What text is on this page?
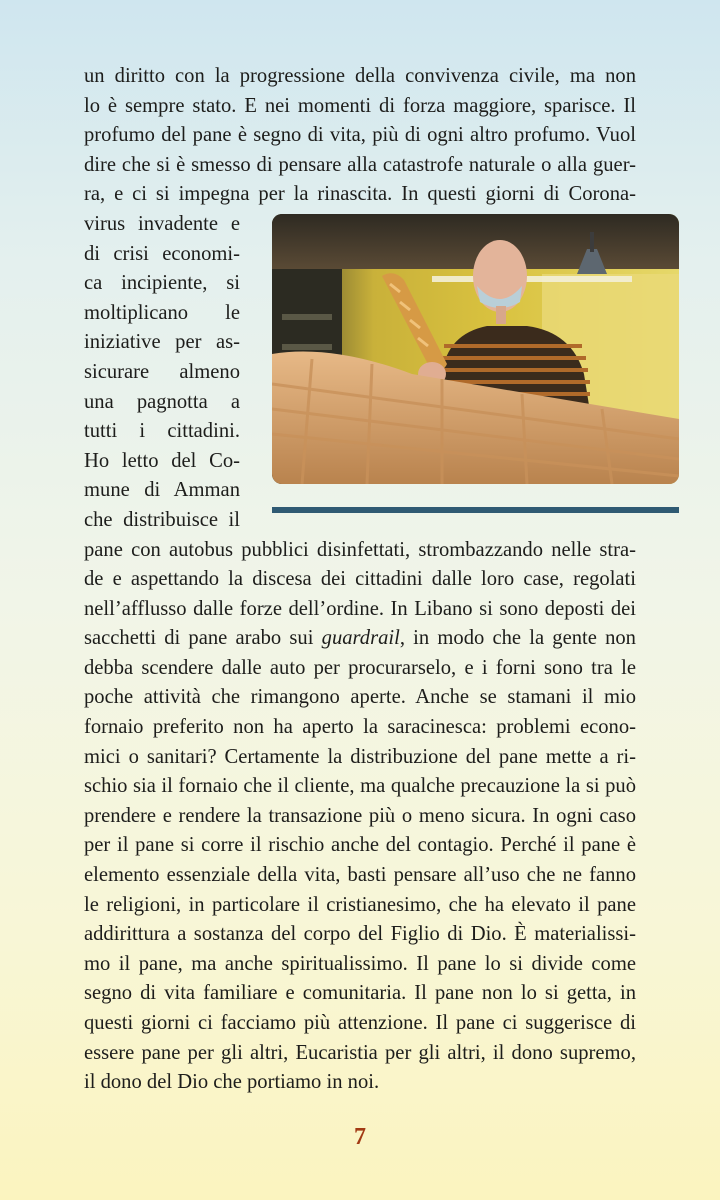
un diritto con la progressione della convivenza civile, ma non
lo è sempre stato. E nei momenti di forza maggiore, sparisce. Il
profumo del pane è segno di vita, più di ogni altro profumo. Vuol
dire che si è smesso di pensare alla catastrofe naturale o alla guer-
ra, e ci si impegna per la rinascita. In questi giorni di Corona-
virus invadente e
di crisi economi-
ca incipiente, si
moltiplicano le
iniziative per as-
sicurare almeno
una pagnotta a
tutti i cittadini.
Ho letto del Co-
mune di Amman
che distribuisce il
pane con autobus pubblici disinfettati, strombazzando nelle stra-
de e aspettando la discesa dei cittadini dalle loro case, regolati
nell’afflusso dalle forze dell’ordine. In Libano si sono deposti dei
sacchetti di pane arabo sui guardrail, in modo che la gente non
debba scendere dalle auto per procurarselo, e i forni sono tra le
poche attività che rimangono aperte. Anche se stamani il mio
fornaio preferito non ha aperto la saracinesca: problemi econo-
mici o sanitari? Certamente la distribuzione del pane mette a ri-
schio sia il fornaio che il cliente, ma qualche precauzione la si può
prendere e rendere la transazione più o meno sicura. In ogni caso
per il pane si corre il rischio anche del contagio. Perché il pane è
elemento essenziale della vita, basti pensare all’uso che ne fanno
le religioni, in particolare il cristianesimo, che ha elevato il pane
addirittura a sostanza del corpo del Figlio di Dio. È materialissi-
mo il pane, ma anche spiritualissimo. Il pane lo si divide come
segno di vita familiare e comunitaria. Il pane non lo si getta, in
questi giorni ci facciamo più attenzione. Il pane ci suggerisce di
essere pane per gli altri, Eucaristia per gli altri, il dono supremo,
il dono del Dio che portiamo in noi.
7
